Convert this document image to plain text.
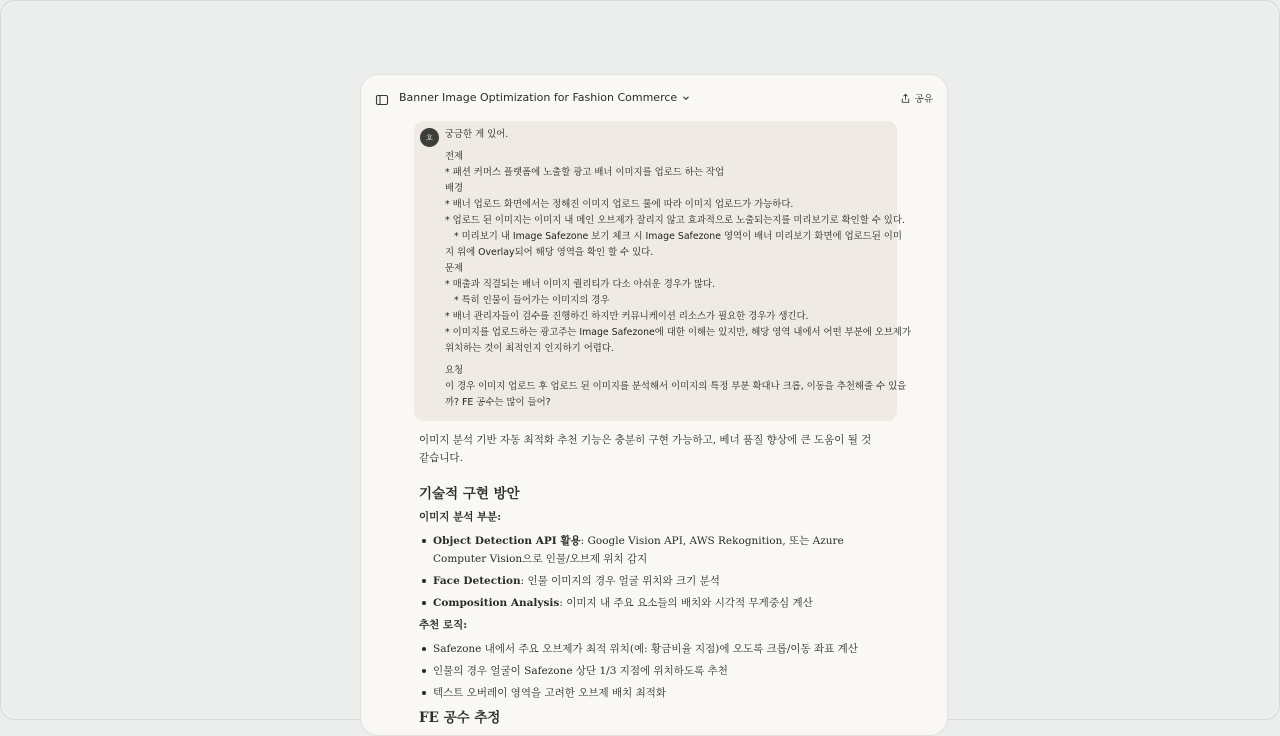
Banner Image Optimization for Fashion Commerce	공유
호	궁금한 게 있어.
전제
* 패션 커머스 플랫폼에 노출할 광고 배너 이미지를 업로드 하는 작업
배경
* 배너 업로드 화면에서는 정해진 이미지 업로드 룰에 따라 이미지 업로드가 가능하다.
* 업로드 된 이미지는 이미지 내 메인 오브제가 잘리지 않고 효과적으로 노출되는지를 미리보기로 확인할 수 있다.
* 미리보기 내 Image Safezone 보기 체크 시 Image Safezone 영역이 배너 미리보기 화면에 업로드된 이미
지 위에 Overlay되어 해당 영역을 확인 할 수 있다.
문제
* 매출과 직결되는 배너 이미지 퀄리티가 다소 아쉬운 경우가 많다.
* 특히 인물이 들어가는 이미지의 경우
* 배너 관리자들이 검수를 진행하긴 하지만 커뮤니케이션 리소스가 필요한 경우가 생긴다.
* 이미지를 업로드하는 광고주는 Image Safezone에 대한 이해는 있지만, 해당 영역 내에서 어떤 부분에 오브제가
위치하는 것이 최적인지 인지하기 어렵다.
요청
이 경우 이미지 업로드 후 업로드 된 이미지를 분석해서 이미지의 특정 부분 확대나 크롭, 이동을 추천해줄 수 있을
까? FE 공수는 많이 들어?

이미지 분석 기반 자동 최적화 추천 기능은 충분히 구현 가능하고, 베너 품질 향상에 큰 도움이 될 것
같습니다.

기술적 구현 방안
이미지 분석 부분:
Object Detection API 활용: Google Vision API, AWS Rekognition, 또는 Azure Computer Vision으로 인물/오브제 위치 감지
Face Detection: 인물 이미지의 경우 얼굴 위치와 크기 분석
Composition Analysis: 이미지 내 주요 요소들의 배치와 시각적 무게중심 계산
추천 로직:
Safezone 내에서 주요 오브제가 최적 위치(예: 황금비율 지점)에 오도록 크롭/이동 좌표 계산
인물의 경우 얼굴이 Safezone 상단 1/3 지점에 위치하도록 추천
텍스트 오버레이 영역을 고려한 오브제 배치 최적화
FE 공수 추정
